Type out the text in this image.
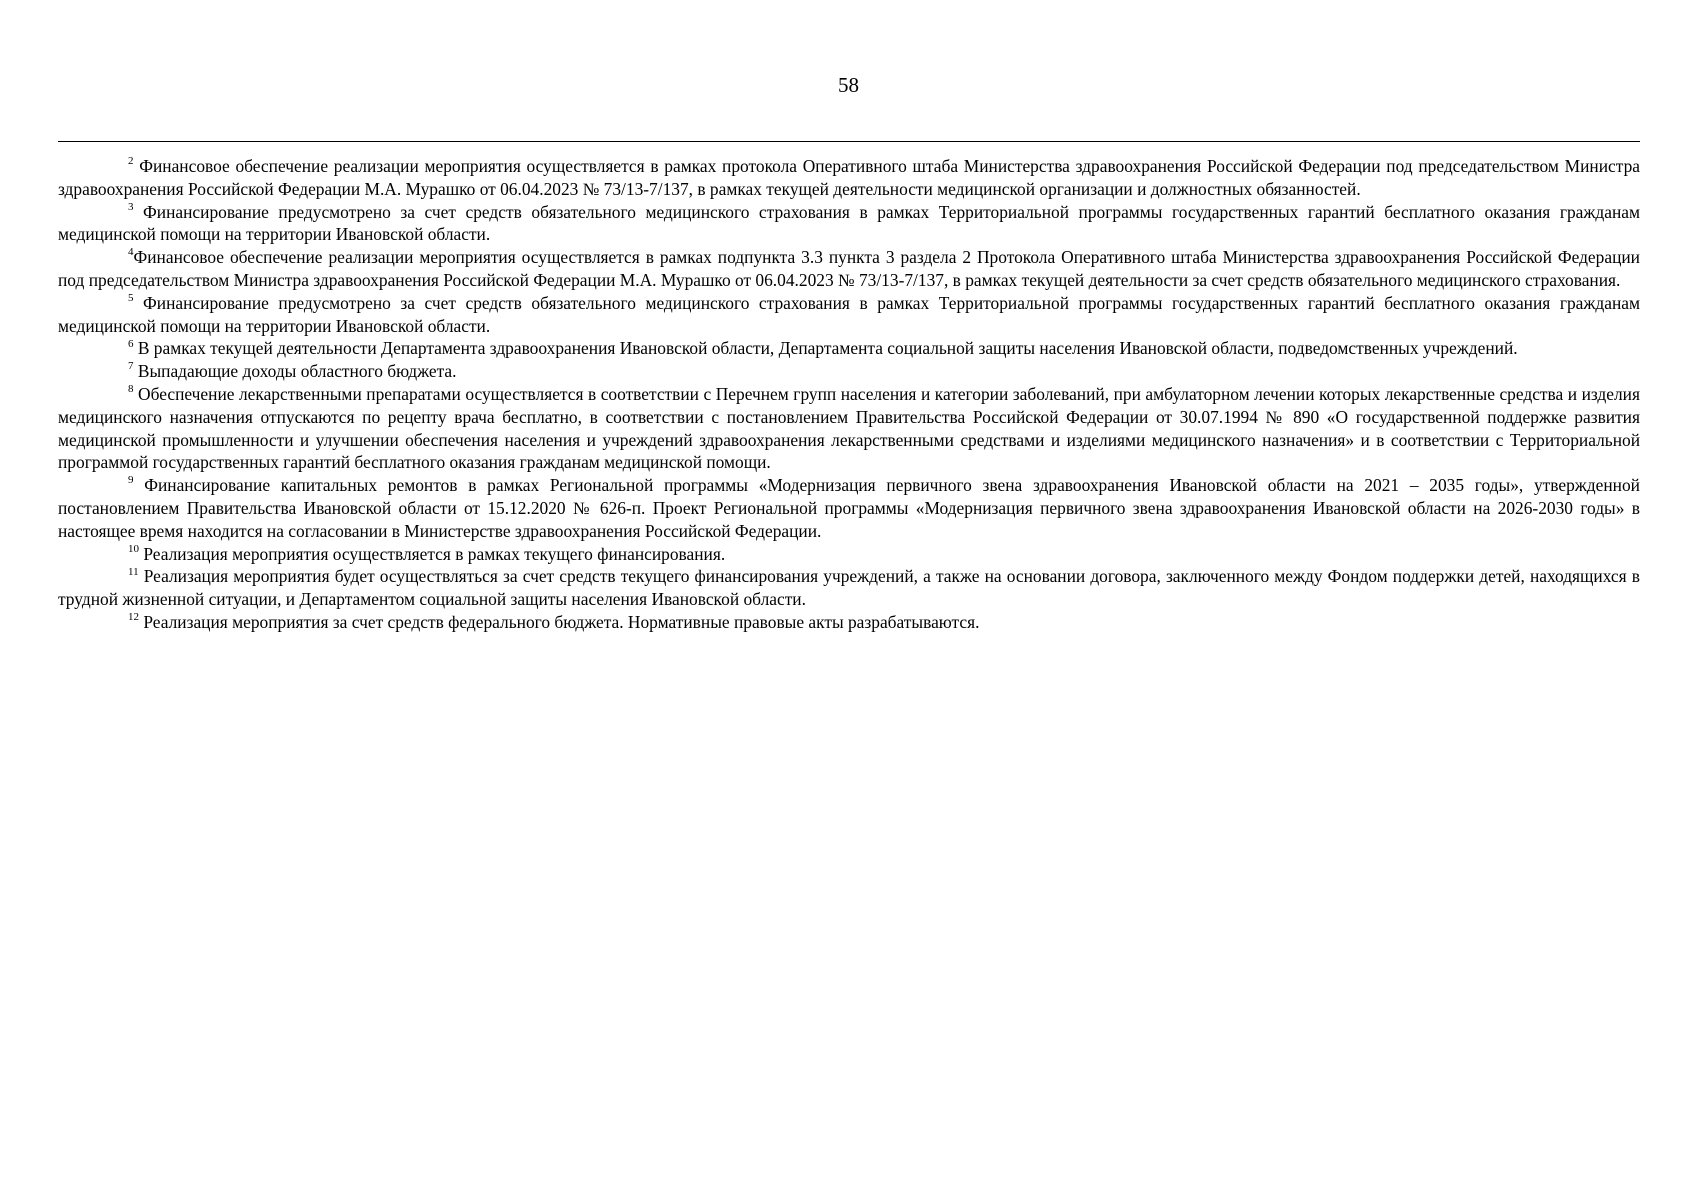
58

$^2$ Финансовое обеспечение реализации мероприятия осуществляется в рамках протокола Оперативного штаба Министерства здравоохранения Российской Федерации под председательством Министра здравоохранения Российской Федерации М.А. Мурашко от 06.04.2023 № 73/13-7/137, в рамках текущей деятельности медицинской организации и должностных обязанностей.

$^3$ Финансирование предусмотрено за счет средств обязательного медицинского страхования в рамках Территориальной программы государственных гарантий бесплатного оказания гражданам медицинской помощи на территории Ивановской области.

$^4$Финансовое обеспечение реализации мероприятия осуществляется в рамках подпункта 3.3 пункта 3 раздела 2 Протокола Оперативного штаба Министерства здравоохранения Российской Федерации под председательством Министра здравоохранения Российской Федерации М.А. Мурашко от 06.04.2023 № 73/13-7/137, в рамках текущей деятельности за счет средств обязательного медицинского страхования.

$^5$ Финансирование предусмотрено за счет средств обязательного медицинского страхования в рамках Территориальной программы государственных гарантий бесплатного оказания гражданам медицинской помощи на территории Ивановской области.

$^6$ В рамках текущей деятельности Департамента здравоохранения Ивановской области, Департамента социальной защиты населения Ивановской области, подведомственных учреждений.

$^7$ Выпадающие доходы областного бюджета.

$^8$ Обеспечение лекарственными препаратами осуществляется в соответствии с Перечнем групп населения и категории заболеваний, при амбулаторном лечении которых лекарственные средства и изделия медицинского назначения отпускаются по рецепту врача бесплатно, в соответствии с постановлением Правительства Российской Федерации от 30.07.1994 № 890 «О государственной поддержке развития медицинской промышленности и улучшении обеспечения населения и учреждений здравоохранения лекарственными средствами и изделиями медицинского назначения» и в соответствии с Территориальной программой государственных гарантий бесплатного оказания гражданам медицинской помощи.

$^9$ Финансирование капитальных ремонтов в рамках Региональной программы «Модернизация первичного звена здравоохранения Ивановской области на 2021 – 2035 годы», утвержденной постановлением Правительства Ивановской области от 15.12.2020 № 626-п. Проект Региональной программы «Модернизация первичного звена здравоохранения Ивановской области на 2026-2030 годы» в настоящее время находится на согласовании в Министерстве здравоохранения Российской Федерации.

$^{10}$ Реализация мероприятия осуществляется в рамках текущего финансирования.

$^{11}$ Реализация мероприятия будет осуществляться за счет средств текущего финансирования учреждений, а также на основании договора, заключенного между Фондом поддержки детей, находящихся в трудной жизненной ситуации, и Департаментом социальной защиты населения Ивановской области.

$^{12}$ Реализация мероприятия за счет средств федерального бюджета. Нормативные правовые акты разрабатываются.
